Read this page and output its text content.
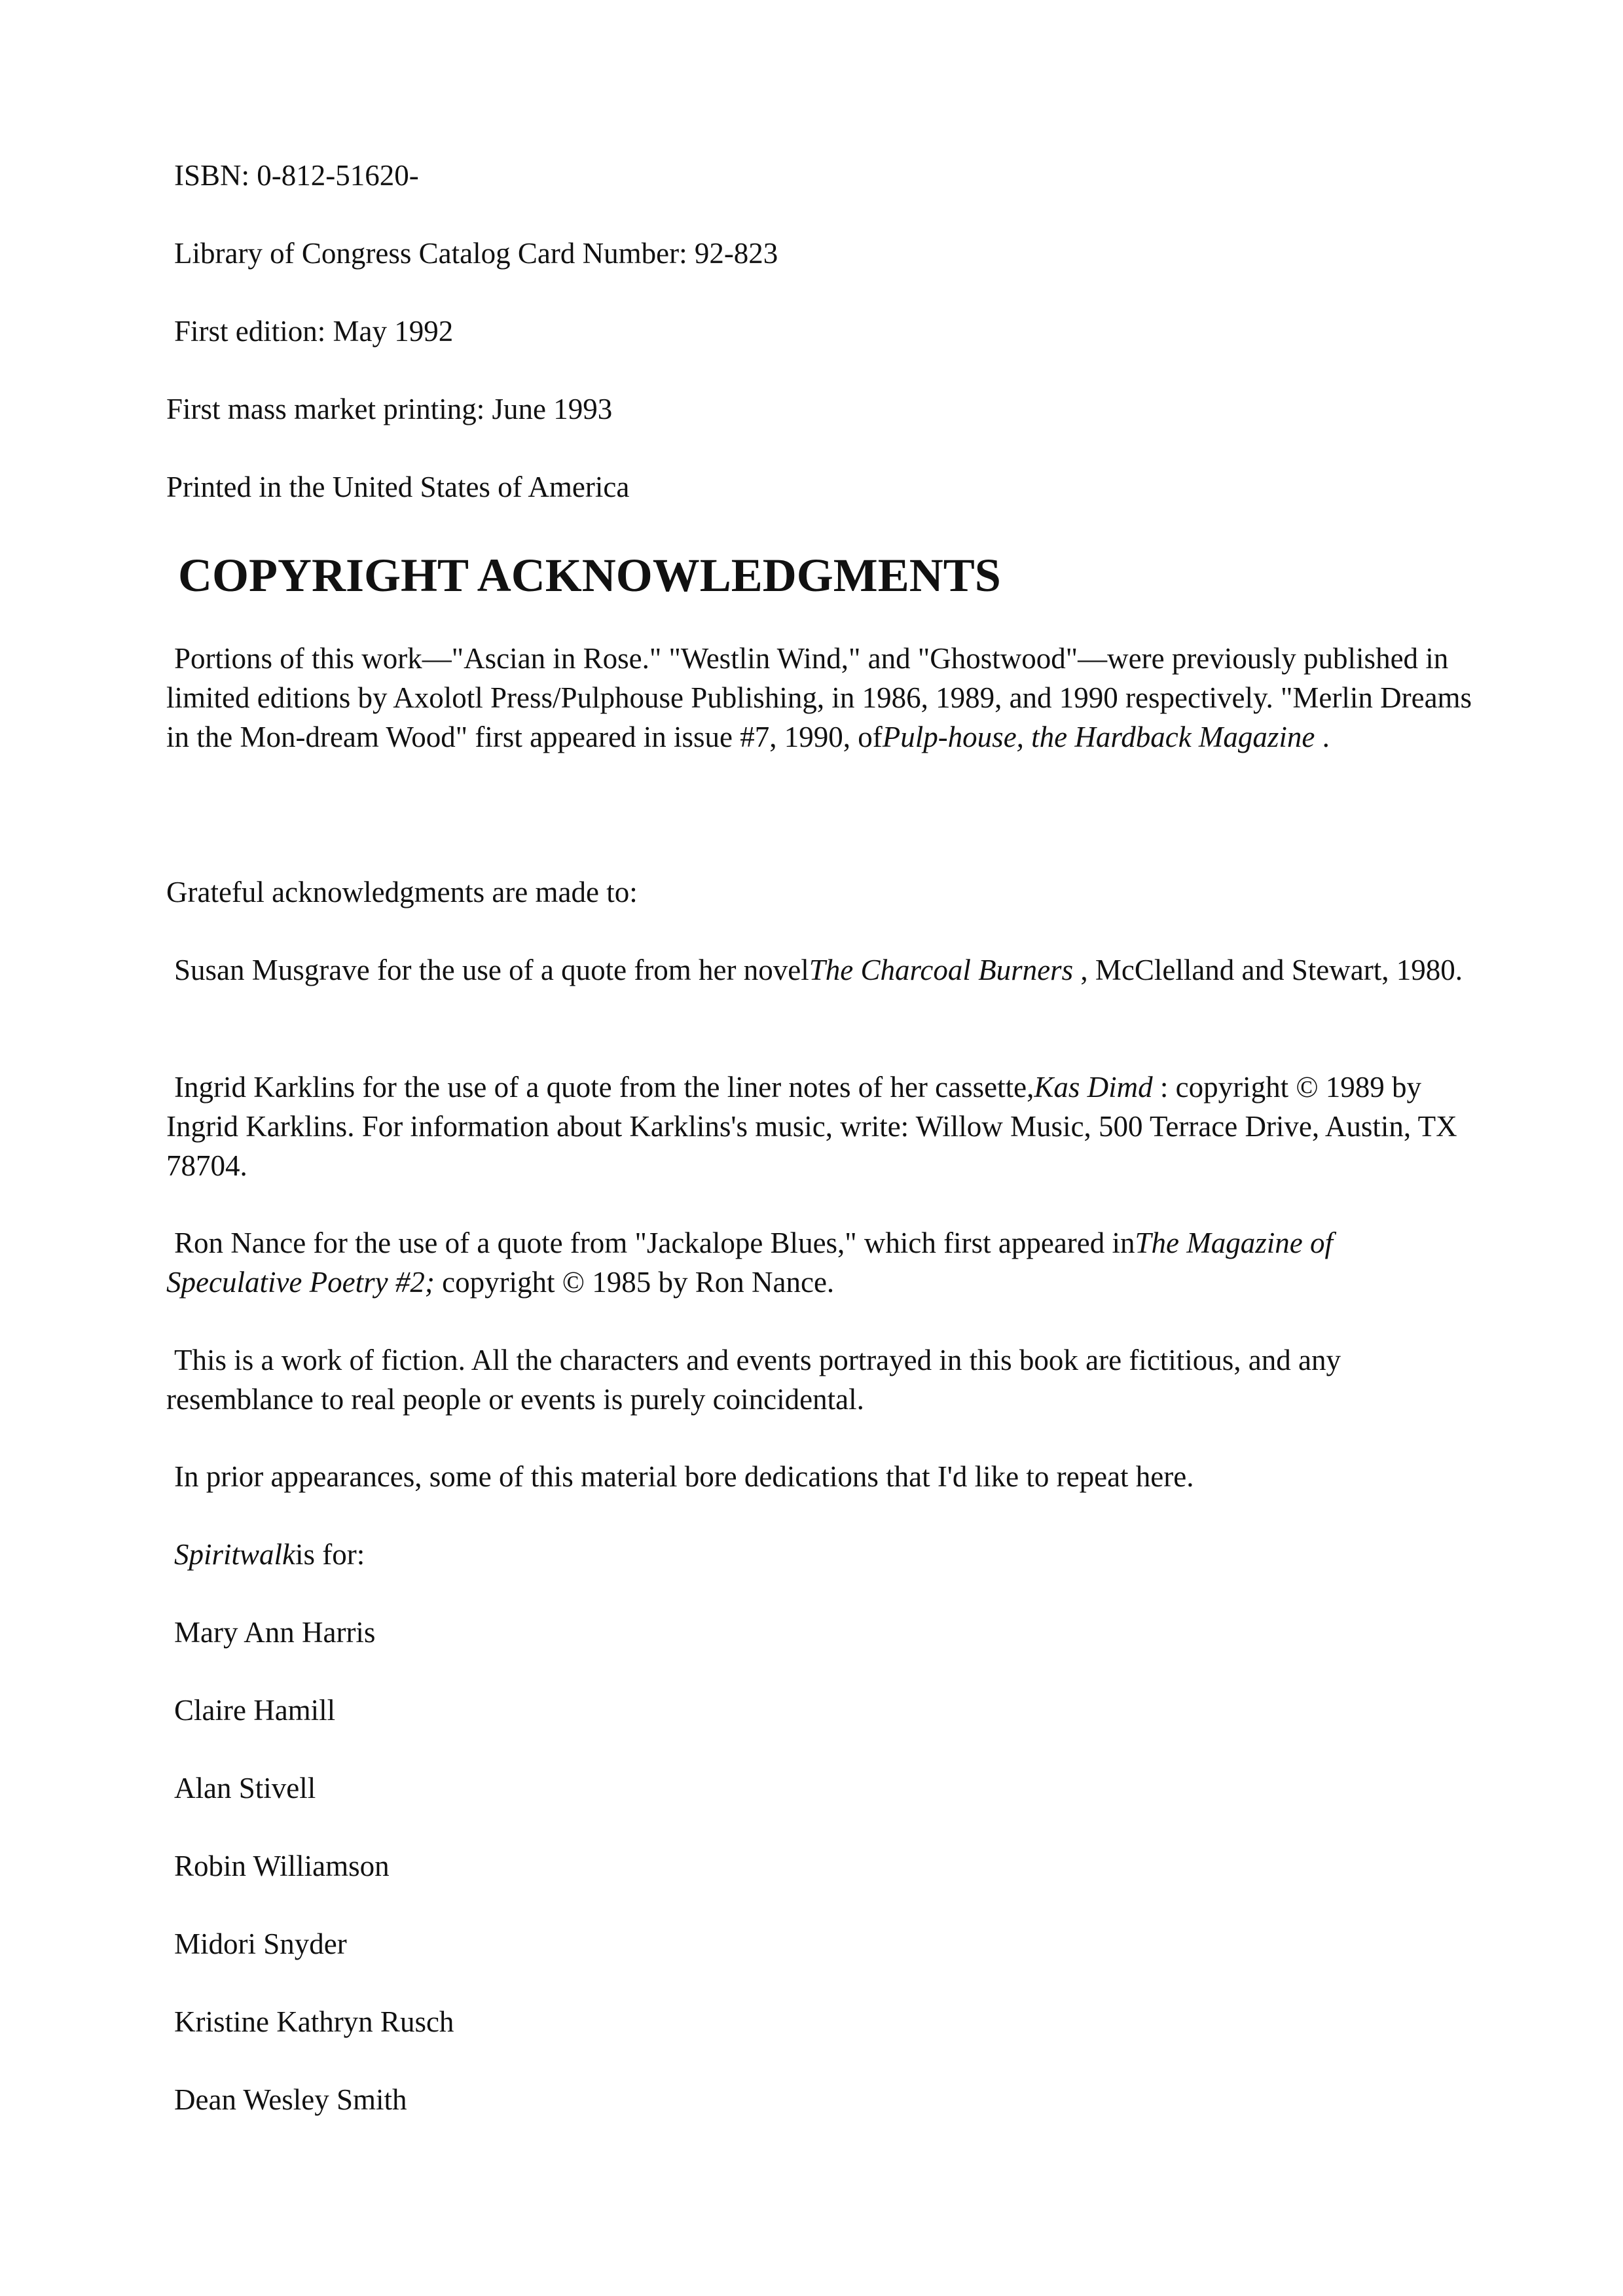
ISBN: 0-812-51620-

Library of Congress Catalog Card Number: 92-823

First edition: May 1992

First mass market printing: June 1993

Printed in the United States of America

COPYRIGHT ACKNOWLEDGMENTS

Portions of this work—"Ascian in Rose." "Westlin Wind," and "Ghostwood"—were previously published in limited editions by Axolotl Press/Pulphouse Publishing, in 1986, 1989, and 1990 respectively. "Merlin Dreams in the Mon-dream Wood" first appeared in issue #7, 1990, ofPulp-house, the Hardback Magazine .

Grateful acknowledgments are made to:

Susan Musgrave for the use of a quote from her novelThe Charcoal Burners , McClelland and Stewart, 1980.

Ingrid Karklins for the use of a quote from the liner notes of her cassette,Kas Dimd : copyright © 1989 by Ingrid Karklins. For information about Karklins's music, write: Willow Music, 500 Terrace Drive, Austin, TX 78704.

Ron Nance for the use of a quote from "Jackalope Blues," which first appeared inThe Magazine of Speculative Poetry #2; copyright © 1985 by Ron Nance.

This is a work of fiction. All the characters and events portrayed in this book are fictitious, and any resemblance to real people or events is purely coincidental.

In prior appearances, some of this material bore dedications that I'd like to repeat here.

Spiritwalkis for:

Mary Ann Harris

Claire Hamill

Alan Stivell

Robin Williamson

Midori Snyder

Kristine Kathryn Rusch

Dean Wesley Smith
